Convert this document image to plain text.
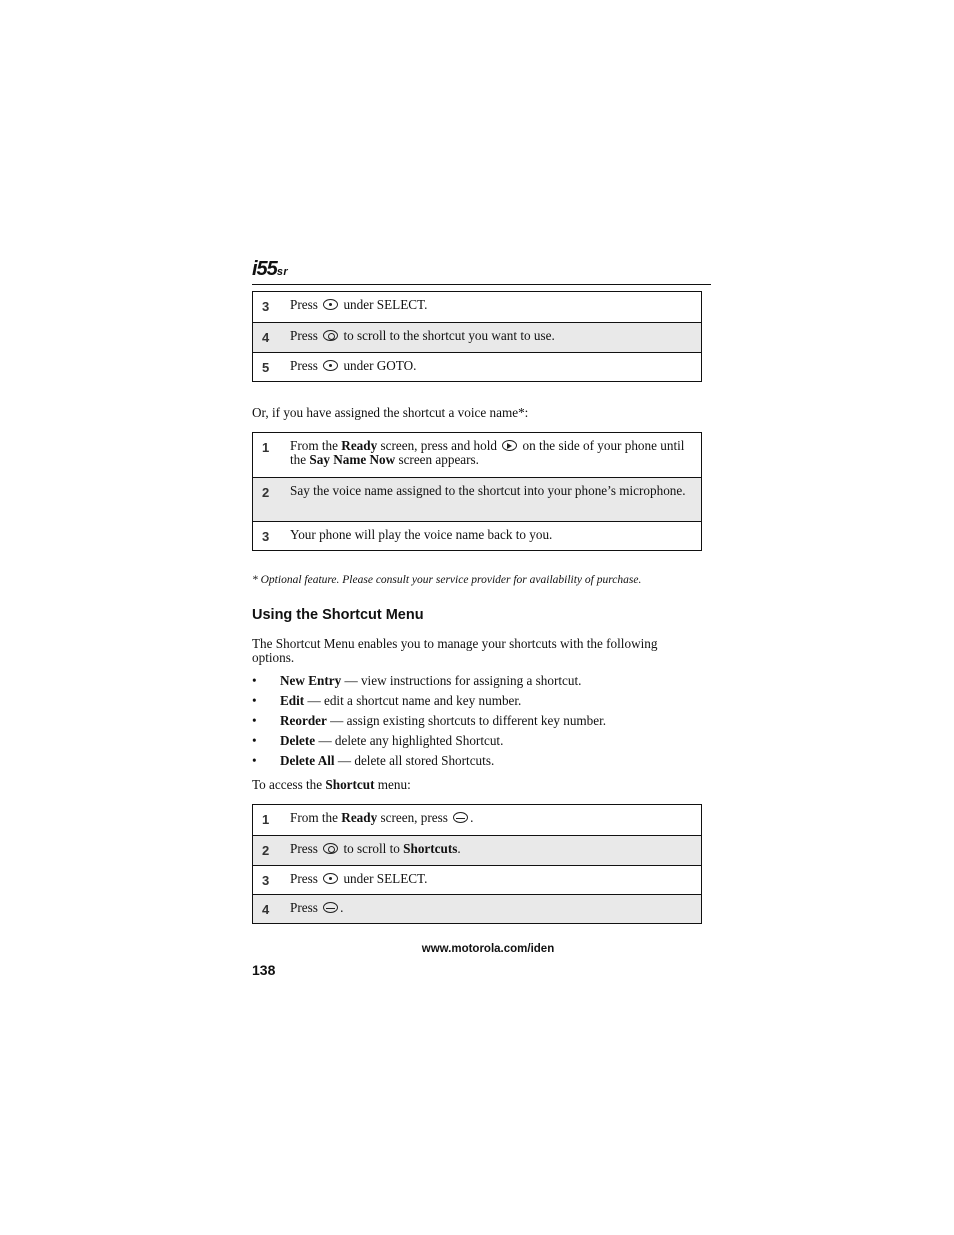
i55sr
3 Press under SELECT.
4 Press to scroll to the shortcut you want to use.
5 Press under GOTO.
Or, if you have assigned the shortcut a voice name*:
1 From the Ready screen, press and hold on the side of your phone until the Say Name Now screen appears.
2 Say the voice name assigned to the shortcut into your phone’s microphone.
3 Your phone will play the voice name back to you.
* Optional feature. Please consult your service provider for availability of purchase.
Using the Shortcut Menu
The Shortcut Menu enables you to manage your shortcuts with the following options.
• New Entry — view instructions for assigning a shortcut.
• Edit — edit a shortcut name and key number.
• Reorder — assign existing shortcuts to different key number.
• Delete — delete any highlighted Shortcut.
• Delete All — delete all stored Shortcuts.
To access the Shortcut menu:
1 From the Ready screen, press .
2 Press to scroll to Shortcuts.
3 Press under SELECT.
4 Press .
www.motorola.com/iden
138
